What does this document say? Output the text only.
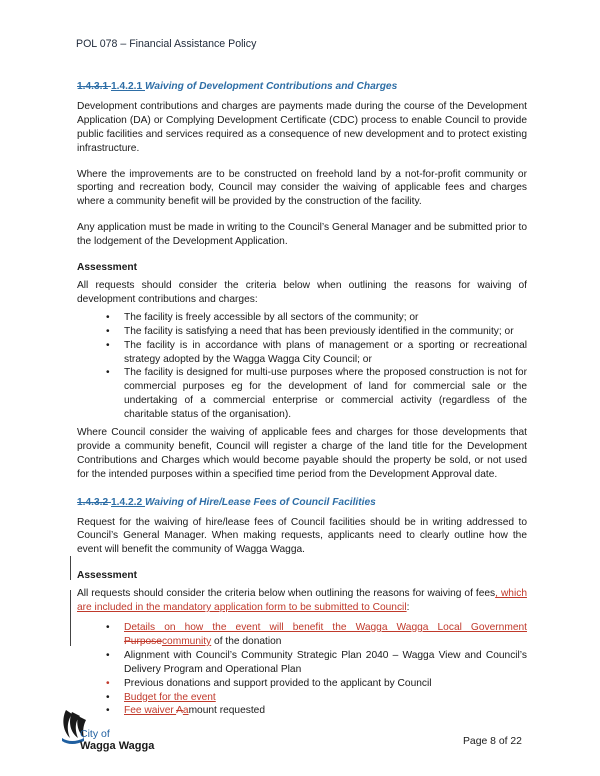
POL 078 – Financial Assistance Policy
1.4.3.1 1.4.2.1 Waiving of Development Contributions and Charges

Development contributions and charges are payments made during the course of the Development Application (DA) or Complying Development Certificate (CDC) process to enable Council to provide public facilities and services required as a consequence of new development and to protect existing infrastructure.

Where the improvements are to be constructed on freehold land by a not-for-profit community or sporting and recreation body, Council may consider the waiving of applicable fees and charges where a community benefit will be provided by the construction of the facility.

Any application must be made in writing to the Council’s General Manager and be submitted prior to the lodgement of the Development Application.

Assessment

All requests should consider the criteria below when outlining the reasons for waiving of development contributions and charges:

• The facility is freely accessible by all sectors of the community; or
• The facility is satisfying a need that has been previously identified in the community; or
• The facility is in accordance with plans of management or a sporting or recreational strategy adopted by the Wagga Wagga City Council; or
• The facility is designed for multi-use purposes where the proposed construction is not for commercial purposes eg for the development of land for commercial sale or the undertaking of a commercial enterprise or commercial activity (regardless of the charitable status of the organisation).

Where Council consider the waiving of applicable fees and charges for those developments that provide a community benefit, Council will register a charge of the land title for the Development Contributions and Charges which would become payable should the property be sold, or not used for the intended purposes within a specified time period from the Development Approval date.

1.4.3.2 1.4.2.2 Waiving of Hire/Lease Fees of Council Facilities

Request for the waiving of hire/lease fees of Council facilities should be in writing addressed to Council’s General Manager. When making requests, applicants need to clearly outline how the event will benefit the community of Wagga Wagga.

Assessment

All requests should consider the criteria below when outlining the reasons for waiving of fees, which are included in the mandatory application form to be submitted to Council:

• Details on how the event will benefit the Wagga Wagga Local Government Purposecommunity of the donation
• Alignment with Council’s Community Strategic Plan 2040 – Wagga View and Council’s Delivery Program and Operational Plan
• Previous donations and support provided to the applicant by Council
• Budget for the event
• Fee waiver Aamount requested
City of
Wagga Wagga	Page 8 of 22
